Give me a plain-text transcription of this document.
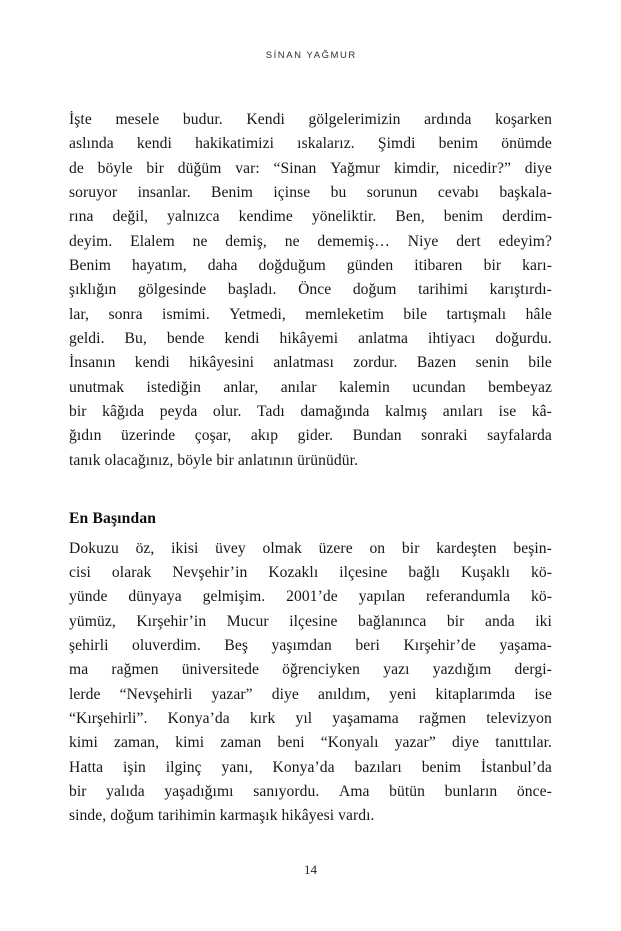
SİNAN YAĞMUR
İşte mesele budur. Kendi gölgelerimizin ardında koşarken
aslında kendi hakikatimizi ıskalarız. Şimdi benim önümde
de böyle bir düğüm var: “Sinan Yağmur kimdir, nicedir?” diye
soruyor insanlar. Benim içinse bu sorunun cevabı başkala-
rına değil, yalnızca kendime yöneliktir. Ben, benim derdim-
deyim. Elalem ne demiş, ne dememiş… Niye dert edeyim?
Benim hayatım, daha doğduğum günden itibaren bir karı-
şıklığın gölgesinde başladı. Önce doğum tarihimi karıştırdı-
lar, sonra ismimi. Yetmedi, memleketim bile tartışmalı hâle
geldi. Bu, bende kendi hikâyemi anlatma ihtiyacı doğurdu.
İnsanın kendi hikâyesini anlatması zordur. Bazen senin bile
unutmak istediğin anlar, anılar kalemin ucundan bembeyaz
bir kâğıda peyda olur. Tadı damağında kalmış anıları ise kâ-
ğıdın üzerinde çoşar, akıp gider. Bundan sonraki sayfalarda
tanık olacağınız, böyle bir anlatının ürünüdür.
En Başından
Dokuzu öz, ikisi üvey olmak üzere on bir kardeşten beşin-
cisi olarak Nevşehir’in Kozaklı ilçesine bağlı Kuşaklı kö-
yünde dünyaya gelmişim. 2001’de yapılan referandumla kö-
yümüz, Kırşehir’in Mucur ilçesine bağlanınca bir anda iki
şehirli oluverdim. Beş yaşımdan beri Kırşehir’de yaşama-
ma rağmen üniversitede öğrenciyken yazı yazdığım dergi-
lerde “Nevşehirli yazar” diye anıldım, yeni kitaplarımda ise
“Kırşehirli”. Konya’da kırk yıl yaşamama rağmen televizyon
kimi zaman, kimi zaman beni “Konyalı yazar” diye tanıttılar.
Hatta işin ilginç yanı, Konya’da bazıları benim İstanbul’da
bir yalıda yaşadığımı sanıyordu. Ama bütün bunların önce-
sinde, doğum tarihimin karmaşık hikâyesi vardı.
14
